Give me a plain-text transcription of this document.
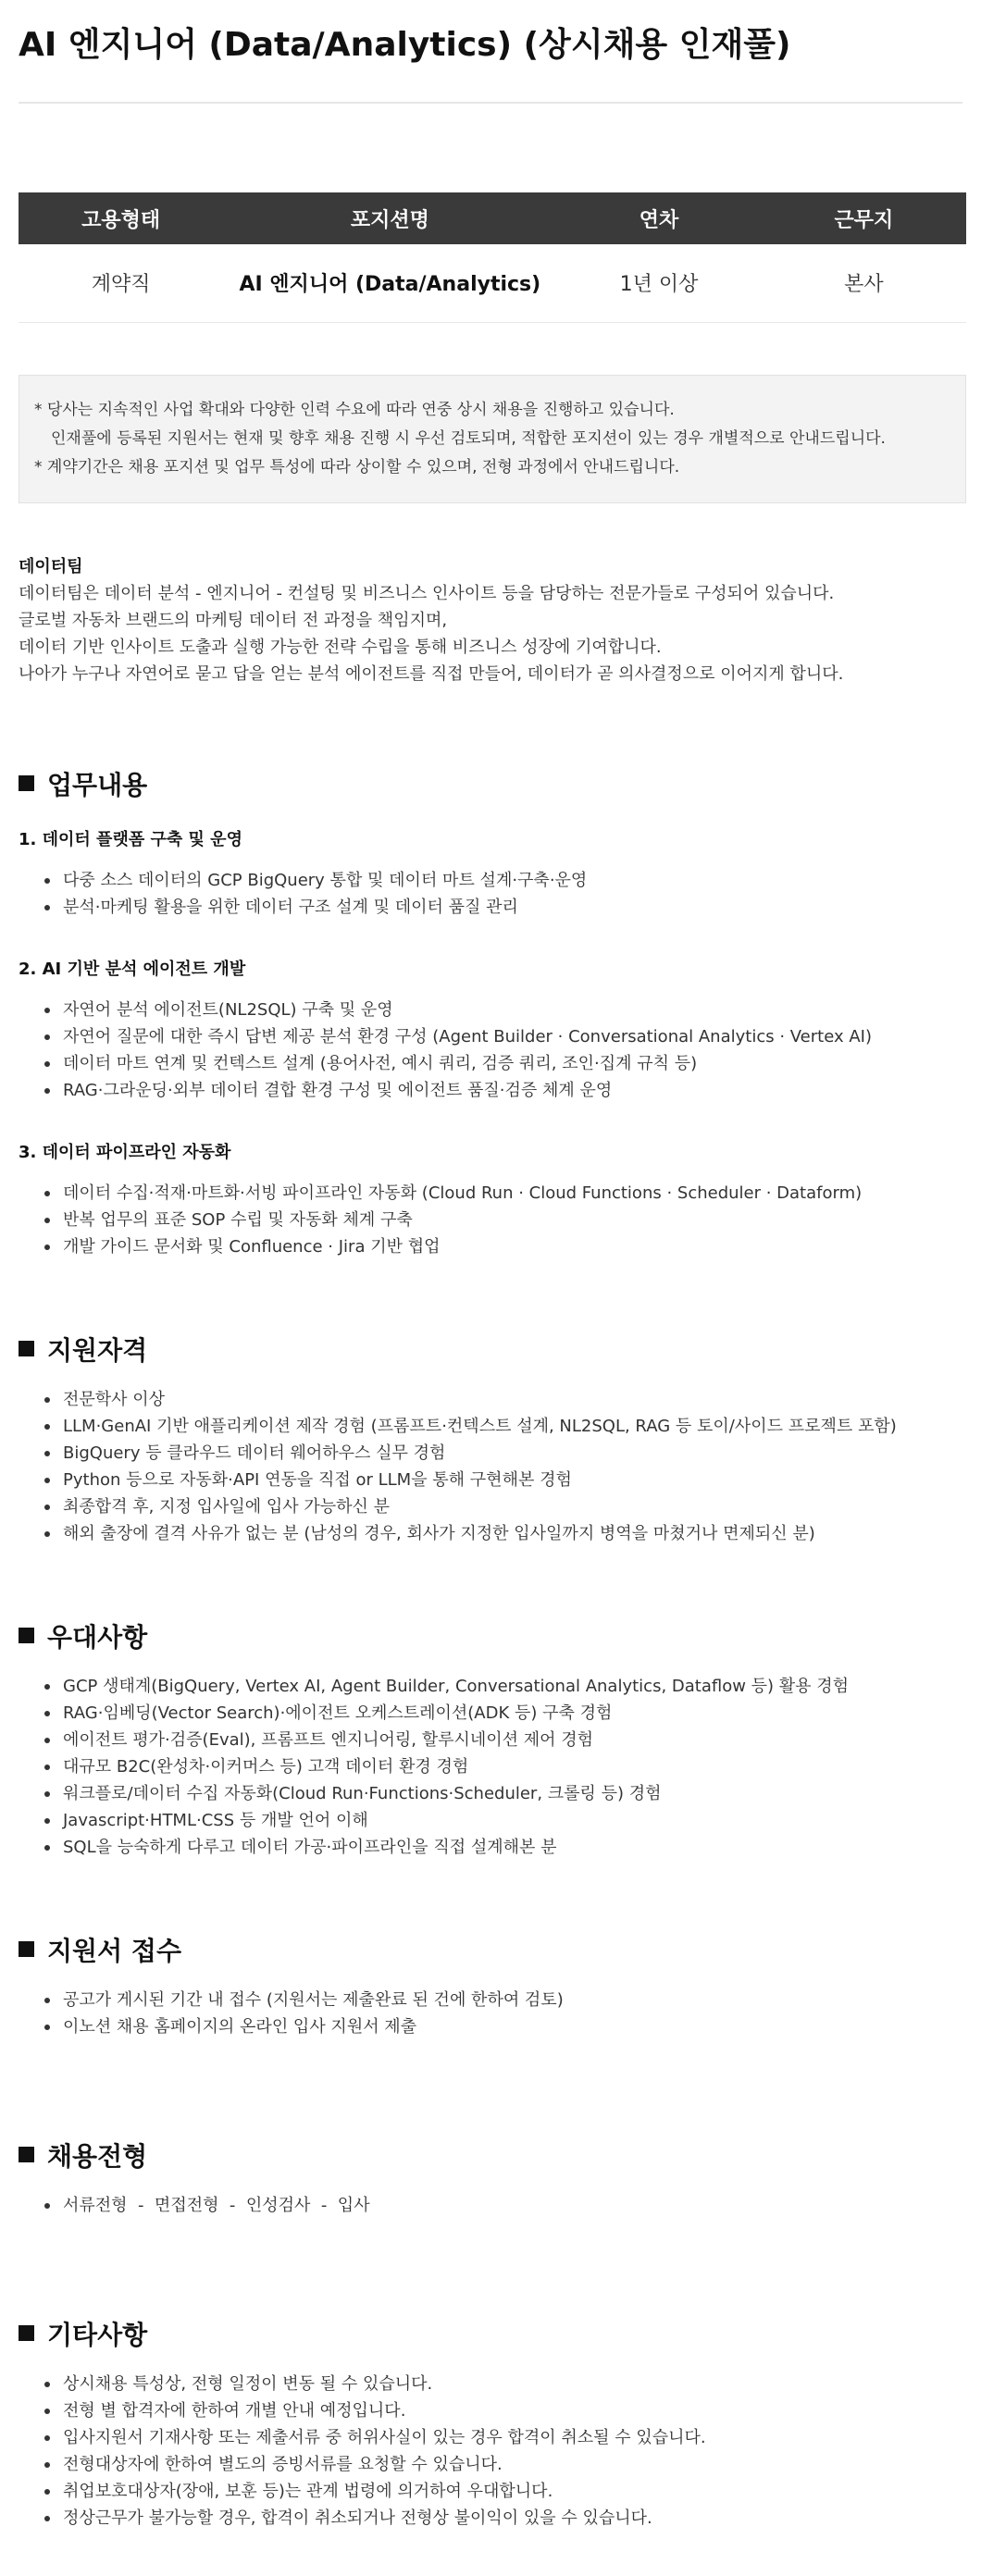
AI 엔지니어 (Data/Analytics) (상시채용 인재풀)
고용형태	포지션명	연차	근무지
계약직	AI 엔지니어 (Data/Analytics)	1년 이상	본사
* 당사는 지속적인 사업 확대와 다양한 인력 수요에 따라 연중 상시 채용을 진행하고 있습니다.
인재풀에 등록된 지원서는 현재 및 향후 채용 진행 시 우선 검토되며, 적합한 포지션이 있는 경우 개별적으로 안내드립니다.
* 계약기간은 채용 포지션 및 업무 특성에 따라 상이할 수 있으며, 전형 과정에서 안내드립니다.
데이터팀
데이터팀은 데이터 분석 - 엔지니어 - 컨설팅 및 비즈니스 인사이트 등을 담당하는 전문가들로 구성되어 있습니다.
글로벌 자동차 브랜드의 마케팅 데이터 전 과정을 책임지며,
데이터 기반 인사이트 도출과 실행 가능한 전략 수립을 통해 비즈니스 성장에 기여합니다.
나아가 누구나 자연어로 묻고 답을 얻는 분석 에이전트를 직접 만들어, 데이터가 곧 의사결정으로 이어지게 합니다.
업무내용
1. 데이터 플랫폼 구축 및 운영
다중 소스 데이터의 GCP BigQuery 통합 및 데이터 마트 설계·구축·운영
분석·마케팅 활용을 위한 데이터 구조 설계 및 데이터 품질 관리
2. AI 기반 분석 에이전트 개발
자연어 분석 에이전트(NL2SQL) 구축 및 운영
자연어 질문에 대한 즉시 답변 제공 분석 환경 구성 (Agent Builder · Conversational Analytics · Vertex AI)
데이터 마트 연계 및 컨텍스트 설계 (용어사전, 예시 쿼리, 검증 쿼리, 조인·집계 규칙 등)
RAG·그라운딩·외부 데이터 결합 환경 구성 및 에이전트 품질·검증 체계 운영
3. 데이터 파이프라인 자동화
데이터 수집·적재·마트화·서빙 파이프라인 자동화 (Cloud Run · Cloud Functions · Scheduler · Dataform)
반복 업무의 표준 SOP 수립 및 자동화 체계 구축
개발 가이드 문서화 및 Confluence · Jira 기반 협업
지원자격
전문학사 이상
LLM·GenAI 기반 애플리케이션 제작 경험 (프롬프트·컨텍스트 설계, NL2SQL, RAG 등 토이/사이드 프로젝트 포함)
BigQuery 등 클라우드 데이터 웨어하우스 실무 경험
Python 등으로 자동화·API 연동을 직접 or LLM을 통해 구현해본 경험
최종합격 후, 지정 입사일에 입사 가능하신 분
해외 출장에 결격 사유가 없는 분 (남성의 경우, 회사가 지정한 입사일까지 병역을 마쳤거나 면제되신 분)
우대사항
GCP 생태계(BigQuery, Vertex AI, Agent Builder, Conversational Analytics, Dataflow 등) 활용 경험
RAG·임베딩(Vector Search)·에이전트 오케스트레이션(ADK 등) 구축 경험
에이전트 평가·검증(Eval), 프롬프트 엔지니어링, 할루시네이션 제어 경험
대규모 B2C(완성차·이커머스 등) 고객 데이터 환경 경험
워크플로/데이터 수집 자동화(Cloud Run·Functions·Scheduler, 크롤링 등) 경험
Javascript·HTML·CSS 등 개발 언어 이해
SQL을 능숙하게 다루고 데이터 가공·파이프라인을 직접 설계해본 분
지원서 접수
공고가 게시된 기간 내 접수 (지원서는 제출완료 된 건에 한하여 검토)
이노션 채용 홈페이지의 온라인 입사 지원서 제출
채용전형
서류전형  -  면접전형  -  인성검사  -  입사
기타사항
상시채용 특성상, 전형 일정이 변동 될 수 있습니다.
전형 별 합격자에 한하여 개별 안내 예정입니다.
입사지원서 기재사항 또는 제출서류 중 허위사실이 있는 경우 합격이 취소될 수 있습니다.
전형대상자에 한하여 별도의 증빙서류를 요청할 수 있습니다.
취업보호대상자(장애, 보훈 등)는 관계 법령에 의거하여 우대합니다.
정상근무가 불가능할 경우, 합격이 취소되거나 전형상 불이익이 있을 수 있습니다.
